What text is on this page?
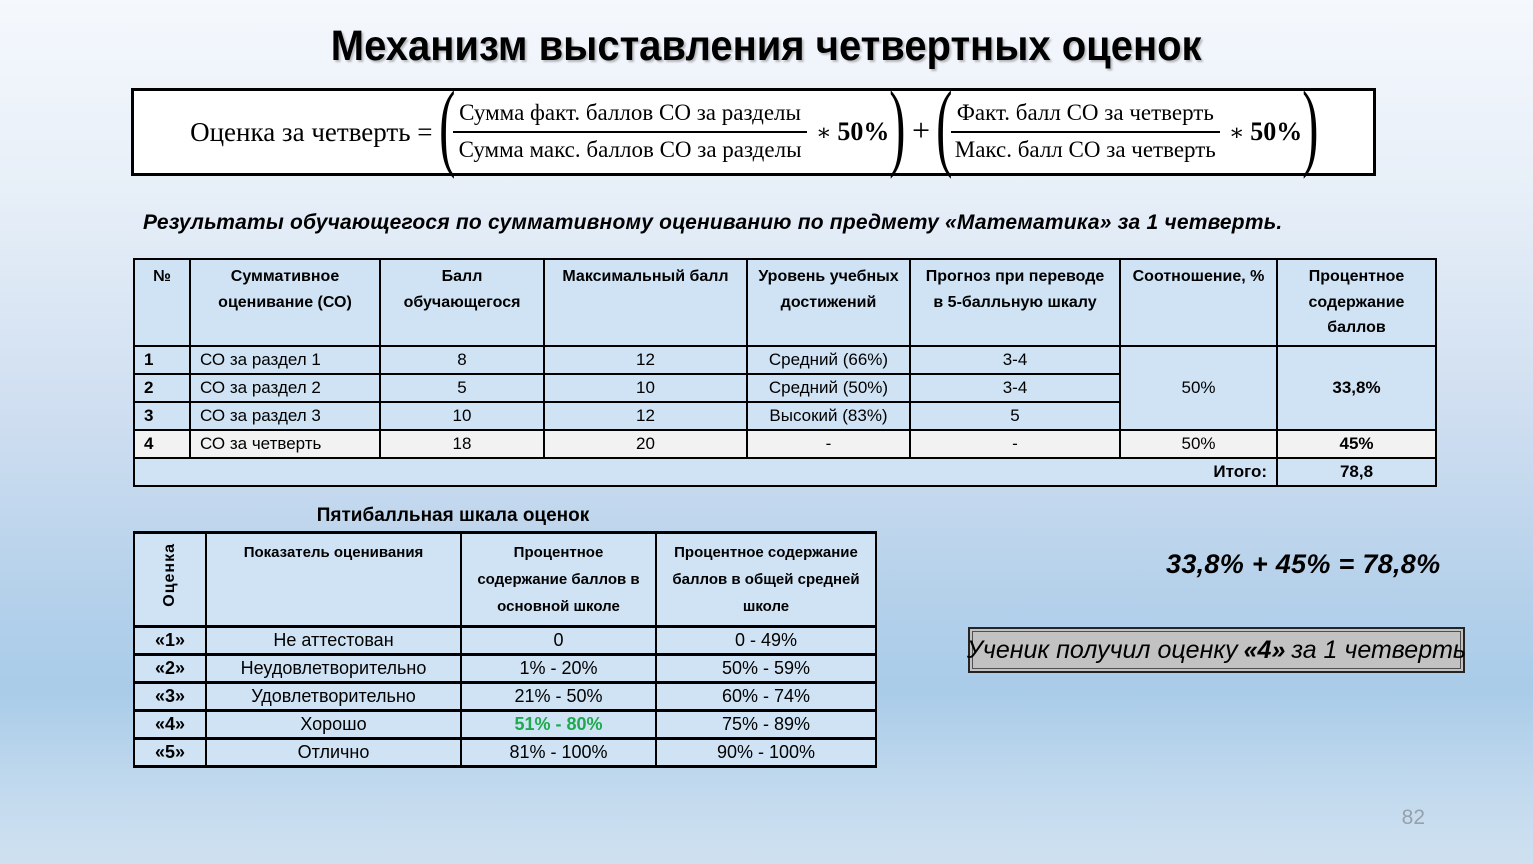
Механизм выставления четвертных оценок
Оценка за четверть = (
$\frac{\text{Сумма факт. баллов СО за разделы}}{\text{Сумма макс. баллов СО за разделы}}$ ∗ 50% ) + (
$\frac{\text{Факт. балл СО за четверть}}{\text{Макс. балл СО за четверть}}$ ∗ 50% )
Результаты обучающегося по суммативному оцениванию по предмету «Математика» за 1 четверть.
№	Суммативное оценивание (СО)	Балл обучающегося	Максимальный балл	Уровень учебных достижений	Прогноз при переводе в 5-балльную шкалу	Соотношение, %	Процентное содержание баллов
1	СО за раздел 1	8	12	Средний (66%)	3-4	50%	33,8%
2	СО за раздел 2	5	10	Средний (50%)	3-4		
3	СО за раздел 3	10	12	Высокий (83%)	5		
4	СО за четверть	18	20	-	-	50%	45%
Итого:							78,8
Пятибалльная шкала оценок
Оценка	Показатель оценивания	Процентное содержание баллов в основной школе	Процентное содержание баллов в общей средней школе
«1»	Не аттестован	0	0 - 49%
«2»	Неудовлетворительно	1% - 20%	50% - 59%
«3»	Удовлетворительно	21% - 50%	60% - 74%
«4»	Хорошо	51% - 80%	75% - 89%
«5»	Отлично	81% - 100%	90% - 100%
33,8% + 45% = 78,8%
Ученик получил оценку «4» за 1 четверть
82
